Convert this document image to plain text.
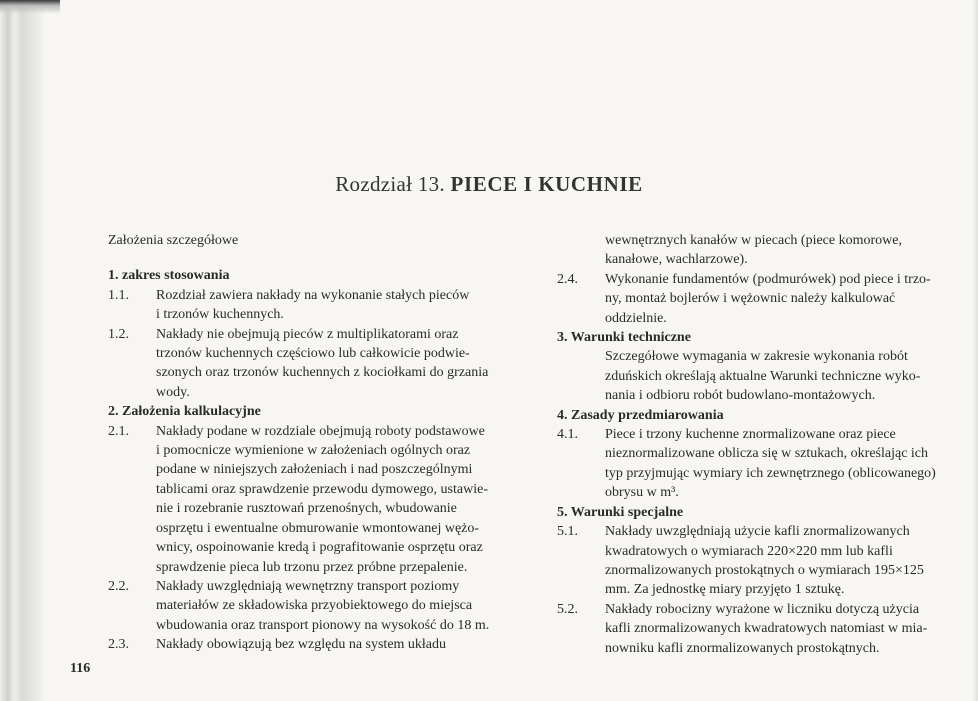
Rozdział 13. PIECE I KUCHNIE

Założenia szczegółowe

1. zakres stosowania

1.1.	Rozdział zawiera nakłady na wykonanie stałych pieców
i trzonów kuchennych.
1.2.	Nakłady nie obejmują pieców z multiplikatorami oraz
trzonów kuchennych częściowo lub całkowicie podwie-
szonych oraz trzonów kuchennych z kociołkami do grzania
wody.

2. Założenia kalkulacyjne

2.1.	Nakłady podane w rozdziale obejmują roboty podstawowe
i pomocnicze wymienione w założeniach ogólnych oraz
podane w niniejszych założeniach i nad poszczególnymi
tablicami oraz sprawdzenie przewodu dymowego, ustawie-
nie i rozebranie rusztowań przenośnych, wbudowanie
osprzętu i ewentualne obmurowanie wmontowanej wężo-
wnicy, ospoinowanie kredą i pografitowanie osprzętu oraz
sprawdzenie pieca lub trzonu przez próbne przepalenie.
2.2.	Nakłady uwzględniają wewnętrzny transport poziomy
materiałów ze składowiska przyobiektowego do miejsca
wbudowania oraz transport pionowy na wysokość do 18 m.
2.3.	Nakłady obowiązują bez względu na system układu
116
wewnętrznych kanałów w piecach (piece komorowe,
kanałowe, wachlarzowe).
2.4.	Wykonanie fundamentów (podmurówek) pod piece i trzo-
ny, montaż bojlerów i wężownic należy kalkulować
oddzielnie.

3. Warunki techniczne

Szczegółowe wymagania w zakresie wykonania robót
zduńskich określają aktualne Warunki techniczne wyko-
nania i odbioru robót budowlano-montażowych.

4. Zasady przedmiarowania

4.1.	Piece i trzony kuchenne znormalizowane oraz piece
nieznormalizowane oblicza się w sztukach, określając ich
typ przyjmując wymiary ich zewnętrznego (oblicowanego)
obrysu w m³.

5. Warunki specjalne

5.1.	Nakłady uwzględniają użycie kafli znormalizowanych
kwadratowych o wymiarach 220×220 mm lub kafli
znormalizowanych prostokątnych o wymiarach 195×125
mm. Za jednostkę miary przyjęto 1 sztukę.
5.2.	Nakłady robocizny wyrażone w liczniku dotyczą użycia
kafli znormalizowanych kwadratowych natomiast w mia-
nowniku kafli znormalizowanych prostokątnych.
